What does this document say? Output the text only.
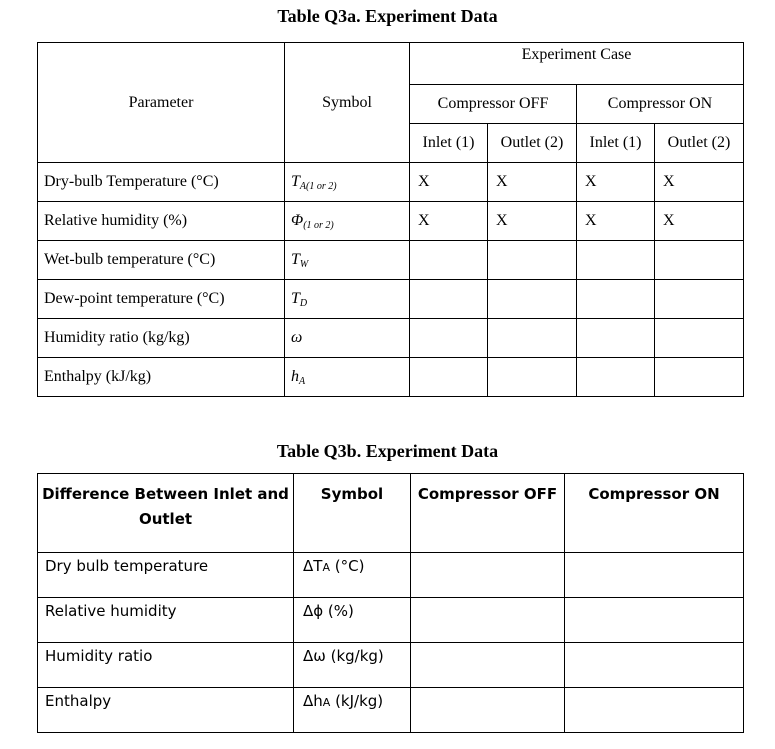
Table Q3a. Experiment Data
Parameter	Symbol	Experiment Case			
		Compressor OFF		Compressor ON	
		Inlet (1)	Outlet (2)	Inlet (1)	Outlet (2)
Dry-bulb Temperature (°C)	$T_{A(1 or 2)}$	X	X	X	X
Relative humidity (%)	$\Phi_{(1 or 2)}$	X	X	X	X
Wet-bulb temperature (°C)	$T_W$				
Dew-point temperature (°C)	$T_D$				
Humidity ratio (kg/kg)	ω				
Enthalpy (kJ/kg)	$h_A$				
Table Q3b. Experiment Data
Difference Between Inlet and Outlet	Symbol	Compressor OFF	Compressor ON
Dry bulb temperature	ΔTA (°C)		
Relative humidity	Δϕ (%)		
Humidity ratio	Δω (kg/kg)		
Enthalpy	ΔhA (kJ/kg)		
